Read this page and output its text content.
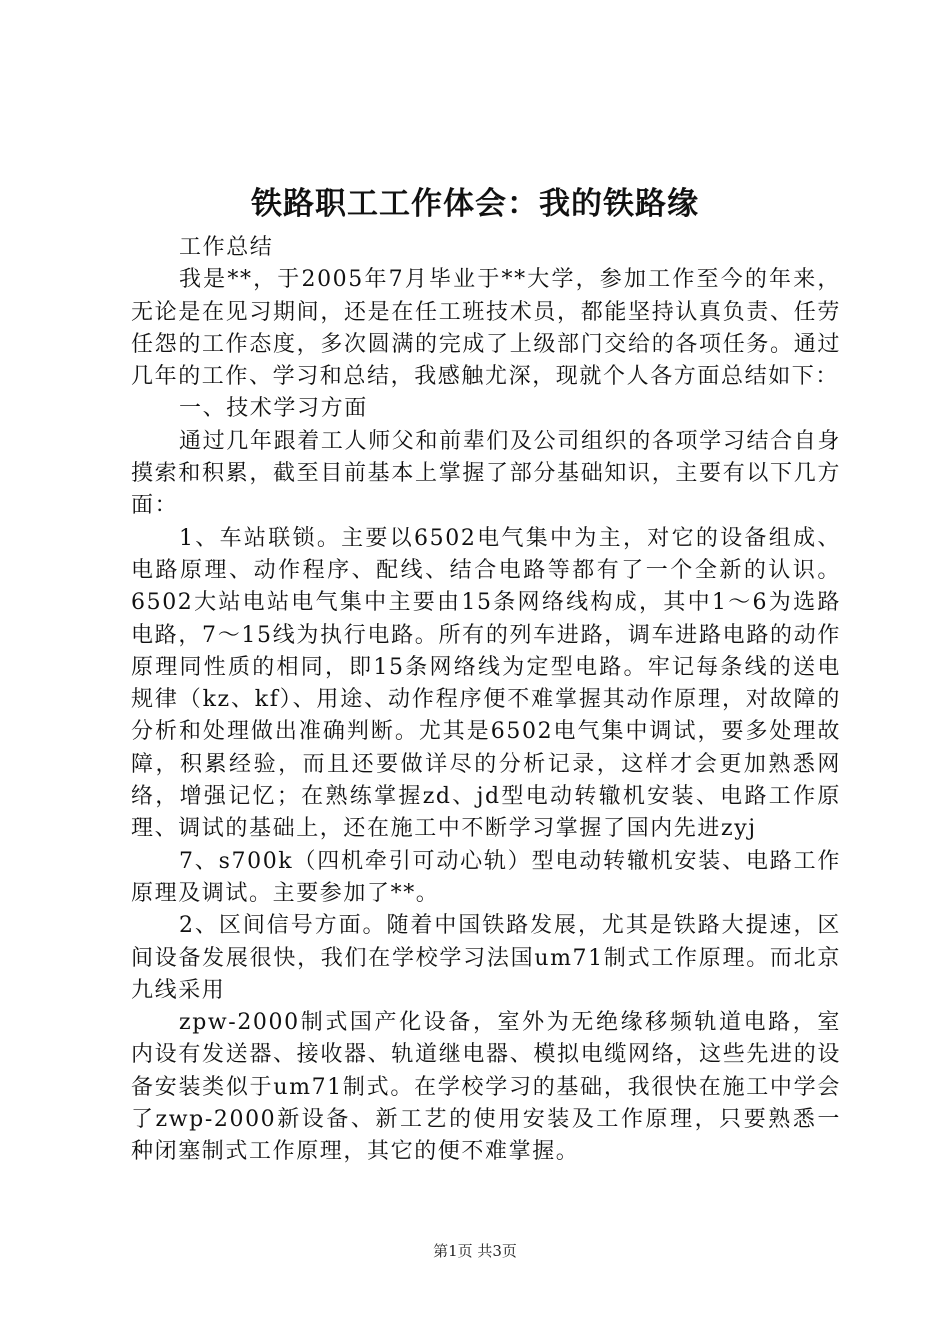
铁路职工工作体会：我的铁路缘

工作总结

我是**，于2005年7月毕业于**大学，参加工作至今的年来，无论是在见习期间，还是在任工班技术员，都能坚持认真负责、任劳任怨的工作态度，多次圆满的完成了上级部门交给的各项任务。通过几年的工作、学习和总结，我感触尤深，现就个人各方面总结如下：

一、技术学习方面

通过几年跟着工人师父和前辈们及公司组织的各项学习结合自身摸索和积累，截至目前基本上掌握了部分基础知识，主要有以下几方面：

1、车站联锁。主要以6502电气集中为主，对它的设备组成、电路原理、动作程序、配线、结合电路等都有了一个全新的认识。6502大站电站电气集中主要由15条网络线构成，其中1～6为选路电路，7～15线为执行电路。所有的列车进路，调车进路电路的动作原理同性质的相同，即15条网络线为定型电路。牢记每条线的送电规律（kz、kf）、用途、动作程序便不难掌握其动作原理，对故障的分析和处理做出准确判断。尤其是6502电气集中调试，要多处理故障，积累经验，而且还要做详尽的分析记录，这样才会更加熟悉网络，增强记忆；在熟练掌握zd、jd型电动转辙机安装、电路工作原理、调试的基础上，还在施工中不断学习掌握了国内先进zyj

7、s700k（四机牵引可动心轨）型电动转辙机安装、电路工作原理及调试。主要参加了**。

2、区间信号方面。随着中国铁路发展，尤其是铁路大提速，区间设备发展很快，我们在学校学习法国um71制式工作原理。而北京九线采用

zpw-2000制式国产化设备，室外为无绝缘移频轨道电路，室内设有发送器、接收器、轨道继电器、模拟电缆网络，这些先进的设备安装类似于um71制式。在学校学习的基础，我很快在施工中学会了zwp-2000新设备、新工艺的使用安装及工作原理，只要熟悉一种闭塞制式工作原理，其它的便不难掌握。

第1页 共3页
